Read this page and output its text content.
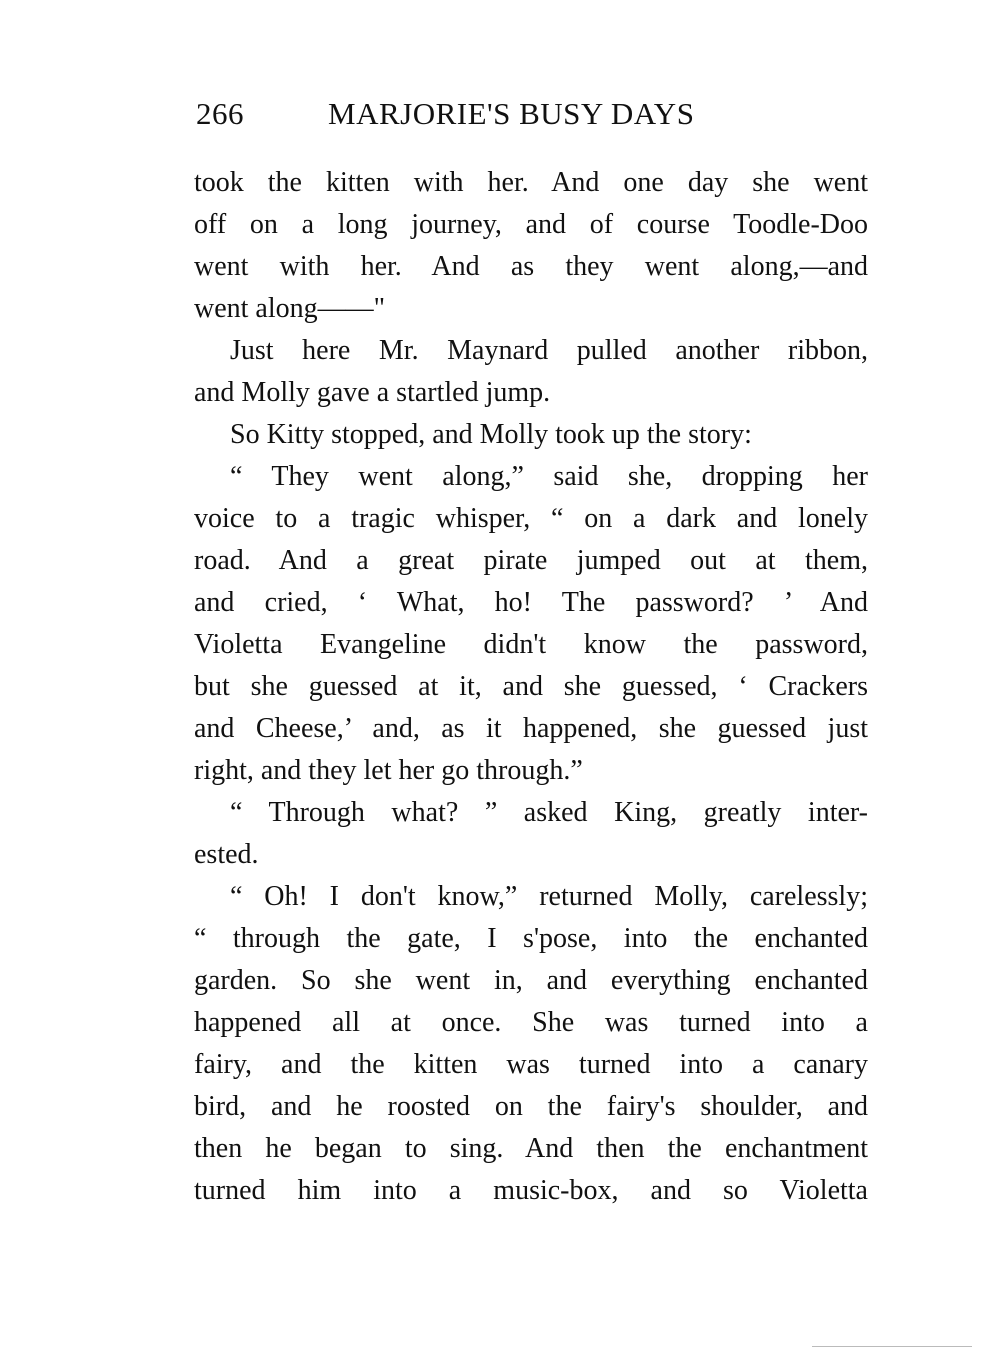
266	MARJORIE'S BUSY DAYS
took the kitten with her. And one day she went
off on a long journey, and of course Toodle-Doo
went with her. And as they went along,—and
went along——"
Just here Mr. Maynard pulled another ribbon,
and Molly gave a startled jump.
So Kitty stopped, and Molly took up the story:
“ They went along,” said she, dropping her
voice to a tragic whisper, “ on a dark and lonely
road. And a great pirate jumped out at them,
and cried, ‘ What, ho! The password? ’ And
Violetta Evangeline didn't know the password,
but she guessed at it, and she guessed, ‘ Crackers
and Cheese,’ and, as it happened, she guessed just
right, and they let her go through.”
“ Through what? ” asked King, greatly inter-
ested.
“ Oh! I don't know,” returned Molly, carelessly;
“ through the gate, I s'pose, into the enchanted
garden. So she went in, and everything enchanted
happened all at once. She was turned into a
fairy, and the kitten was turned into a canary
bird, and he roosted on the fairy's shoulder, and
then he began to sing. And then the enchantment
turned him into a music-box, and so Violetta
